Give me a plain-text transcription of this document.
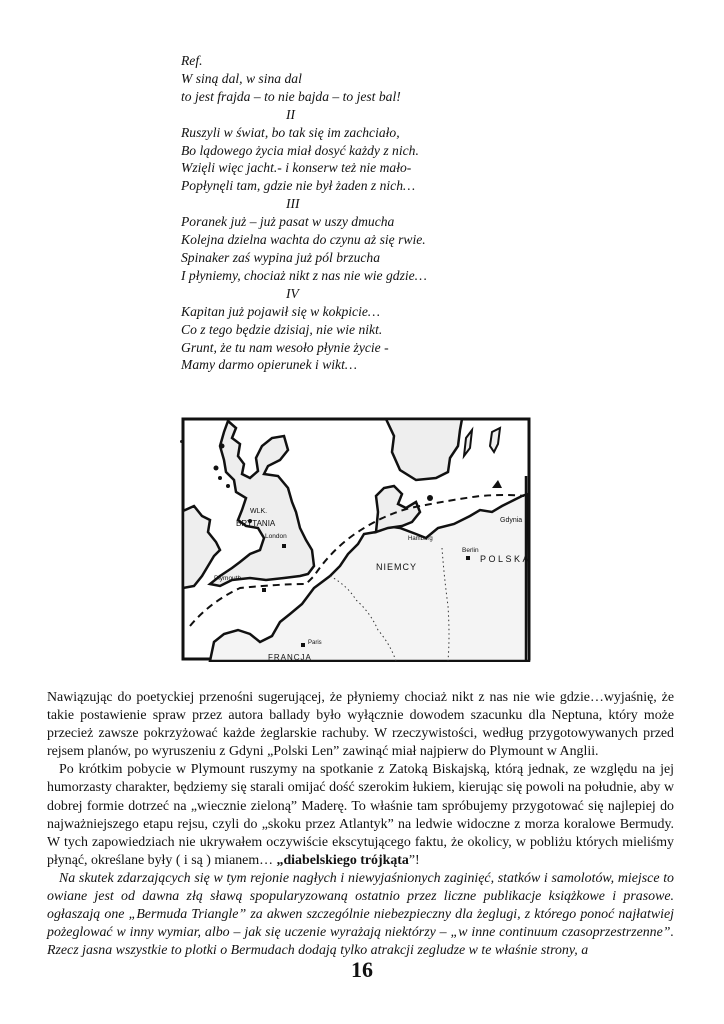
Ref.
W siną dal, w sina dal
to jest frajda – to nie bajda – to jest bal!
II
Ruszyli w świat, bo tak się im zachciało,
Bo lądowego życia miał dosyć każdy z nich.
Wzięli więc jacht.- i konserw też nie mało-
Popłynęli tam, gdzie nie był żaden z nich…
III
Poranek już – już pasat w uszy dmucha
Kolejna dzielna wachta do czynu aż się rwie.
Spinaker zaś wypina już pól brzucha
I płyniemy, chociaż nikt z nas nie wie gdzie…
IV
Kapitan już pojawił się w kokpicie…
Co z tego będzie dzisiaj, nie wie nikt.
Grunt, że tu nam wesoło płynie życie -
Mamy darmo opierunek i wikt…
WLK.
BRYTANIA
London
Plymouth
Paris
FRANCJA
NIEMCY
Hamburg
Berlin
POLSKA
Gdynia

Nawiązując do poetyckiej przenośni sugerującej, że płyniemy chociaż nikt z nas nie wie gdzie…wyjaśnię, że takie postawienie spraw przez autora ballady było wyłącznie dowodem szacunku dla Neptuna, który może przecież zawsze pokrzyżować każde żeglarskie rachuby. W rzeczywistości, według przygotowywanych przed rejsem planów, po wyruszeniu z Gdyni „Polski Len” zawinąć miał najpierw do Plymount w Anglii.

Po krótkim pobycie w Plymount ruszymy na spotkanie z Zatoką Biskajską, którą jednak, ze względu na jej humorzasty charakter, będziemy się starali omijać dość szerokim łukiem, kierując się powoli na południe, aby w dobrej formie dotrzeć na „wiecznie zieloną” Maderę. To właśnie tam spróbujemy przygotować się najlepiej do najważniejszego etapu rejsu, czyli do „skoku przez Atlantyk” na ledwie widoczne z morza koralowe Bermudy. W tych zapowiedziach nie ukrywałem oczywiście ekscytującego faktu, że okolicy, w pobliżu których mieliśmy płynąć, określane były ( i są ) mianem… „diabelskiego trójkąta”!

Na skutek zdarzających się w tym rejonie nagłych i niewyjaśnionych zaginięć, statków i samolotów, miejsce to owiane jest od dawna złą sławą spopularyzowaną ostatnio przez liczne publikacje książkowe i prasowe. ogłaszają one „Bermuda Triangle” za akwen szczególnie niebezpieczny dla żeglugi, z którego ponoć najłatwiej pożeglować w inny wymiar, albo – jak się uczenie wyrażają niektórzy – „w inne continuum czasoprzestrzenne”. Rzecz jasna wszystkie to plotki o Bermudach dodają tylko atrakcji zegludze w te właśnie strony, a

16
